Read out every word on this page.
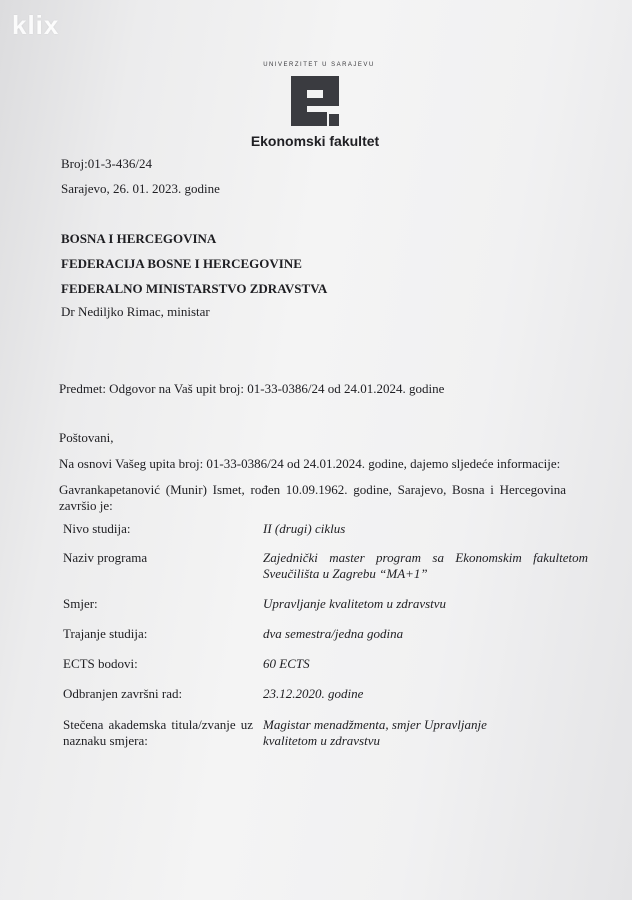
klix
UNIVERZITET U SARAJEVU
Ekonomski fakultet
Broj:01-3-436/24
Sarajevo, 26. 01. 2023. godine
BOSNA I HERCEGOVINA
FEDERACIJA BOSNE I HERCEGOVINE
FEDERALNO MINISTARSTVO ZDRAVSTVA
Dr Nediljko Rimac, ministar
Predmet: Odgovor na Vaš upit broj: 01-33-0386/24 od 24.01.2024. godine
Poštovani,
Na osnovi Vašeg upita broj: 01-33-0386/24 od 24.01.2024. godine, dajemo sljedeće informacije:
Gavrankapetanović (Munir) Ismet, rođen 10.09.1962. godine, Sarajevo, Bosna i Hercegovina završio je:
Nivo studija:	II (drugi) ciklus
Naziv programa	Zajednički master program sa Ekonomskim fakultetom Sveučilišta u Zagrebu “MA+1”
Smjer:	Upravljanje kvalitetom u zdravstvu
Trajanje studija:	dva semestra/jedna godina
ECTS bodovi:	60 ECTS
Odbranjen završni rad:	23.12.2020. godine
Stečena akademska titula/zvanje uz naznaku smjera:
Magistar menadžmenta, smjer Upravljanje kvalitetom u zdravstvu
